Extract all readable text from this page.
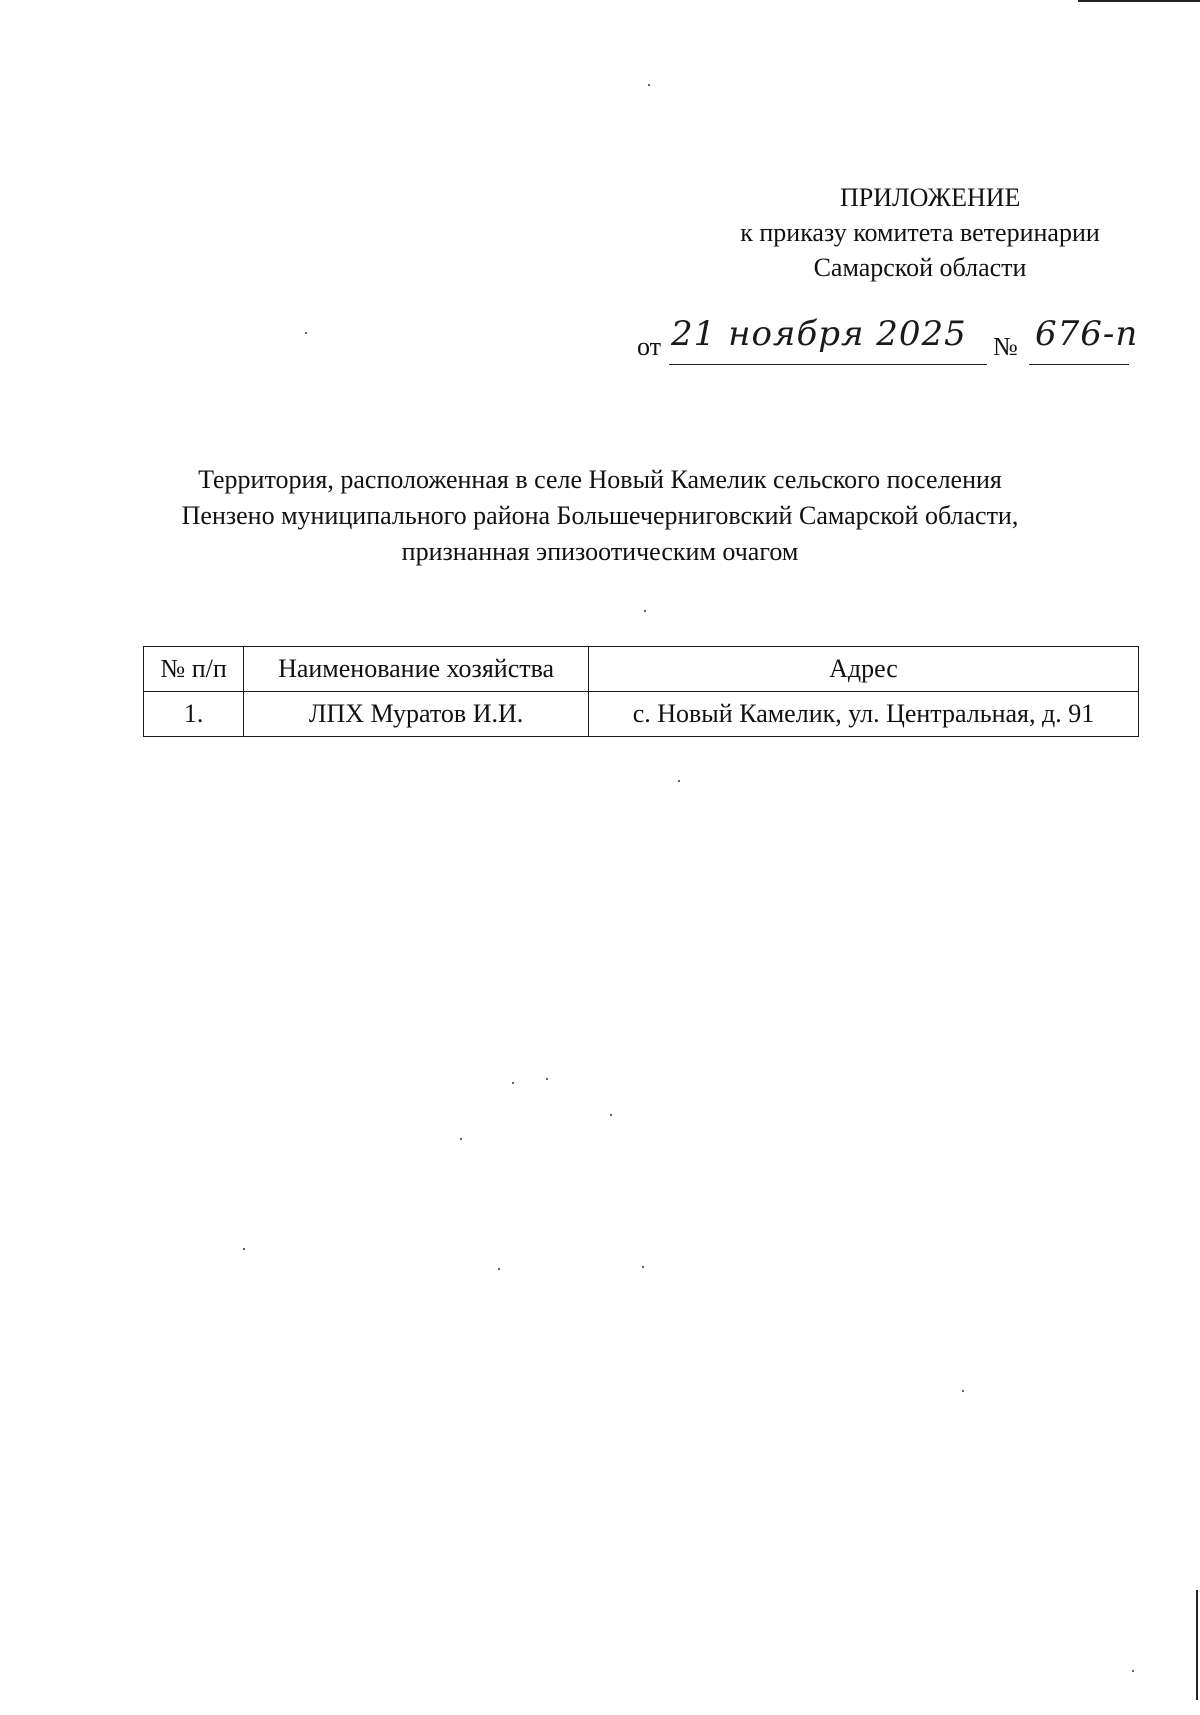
ПРИЛОЖЕНИЕ
к приказу комитета ветеринарии
Самарской области
от 21 ноября 2025 № 676-п
Территория, расположенная в селе Новый Камелик сельского поселения
Пензено муниципального района Большечерниговский Самарской области,
признанная эпизоотическим очагом
№ п/п	Наименование хозяйства	Адрес
1.	ЛПХ Муратов И.И.	с. Новый Камелик, ул. Центральная, д. 91
